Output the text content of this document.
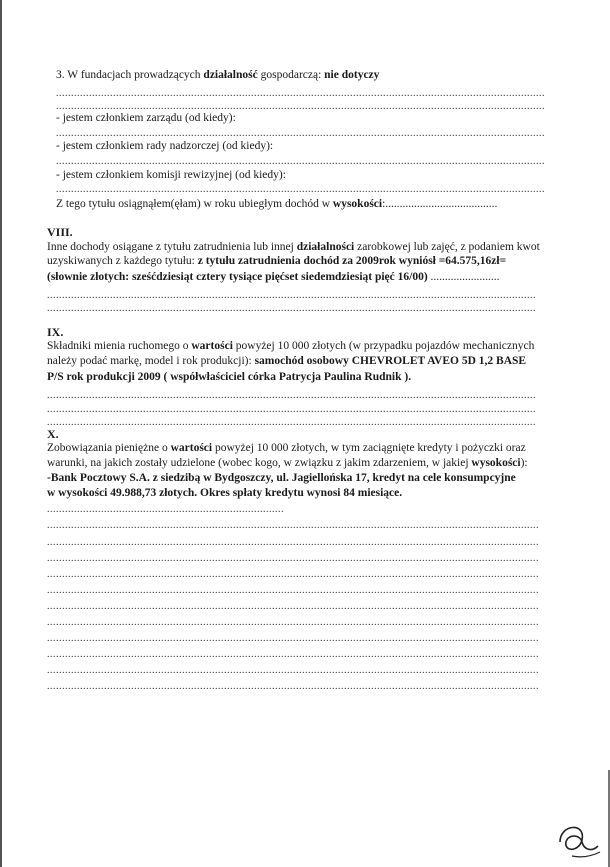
3. W fundacjach prowadzących działalność gospodarczą: nie dotyczy
...................................................................................................................................................................
...................................................................................................................................................................
- jestem członkiem zarządu (od kiedy):
...................................................................................................................................................................
- jestem członkiem rady nadzorczej (od kiedy):
...................................................................................................................................................................
- jestem członkiem komisji rewizyjnej (od kiedy):
...................................................................................................................................................................
Z tego tytułu osiągnąłem(ęłam) w roku ubiegłym dochód w wysokości:.......................................
VIII.
Inne dochody osiągane z tytułu zatrudnienia lub innej działalności zarobkowej lub zajęć, z podaniem kwot
uzyskiwanych z każdego tytułu: z tytułu zatrudnienia dochód za 2009rok wyniósł =64.575,16zł=
(słownie złotych: sześćdziesiąt cztery tysiące pięćset siedemdziesiąt pięć 16/00) ........................
...................................................................................................................................................................
...................................................................................................................................................................
IX.
Składniki mienia ruchomego o wartości powyżej 10 000 złotych (w przypadku pojazdów mechanicznych
należy podać markę, model i rok produkcji): samochód osobowy CHEVROLET AVEO 5D 1,2 BASE
P/S rok produkcji 2009 ( współwłaściciel córka Patrycja Paulina Rudnik ).
...................................................................................................................................................................
...................................................................................................................................................................
...................................................................................................................................................................
X.
Zobowiązania pieniężne o wartości powyżej 10 000 złotych, w tym zaciągnięte kredyty i pożyczki oraz
warunki, na jakich zostały udzielone (wobec kogo, w związku z jakim zdarzeniem, w jakiej wysokości):
-Bank Pocztowy S.A. z siedzibą w Bydgoszczy, ul. Jagiellońska 17, kredyt na cele konsumpcyjne
w wysokości 49.988,73 złotych. Okres spłaty kredytu wynosi 84 miesiące.
...............................................................................
....................................................................................................................................................................
....................................................................................................................................................................
....................................................................................................................................................................
....................................................................................................................................................................
....................................................................................................................................................................
....................................................................................................................................................................
....................................................................................................................................................................
....................................................................................................................................................................
....................................................................................................................................................................
....................................................................................................................................................................
....................................................................................................................................................................
